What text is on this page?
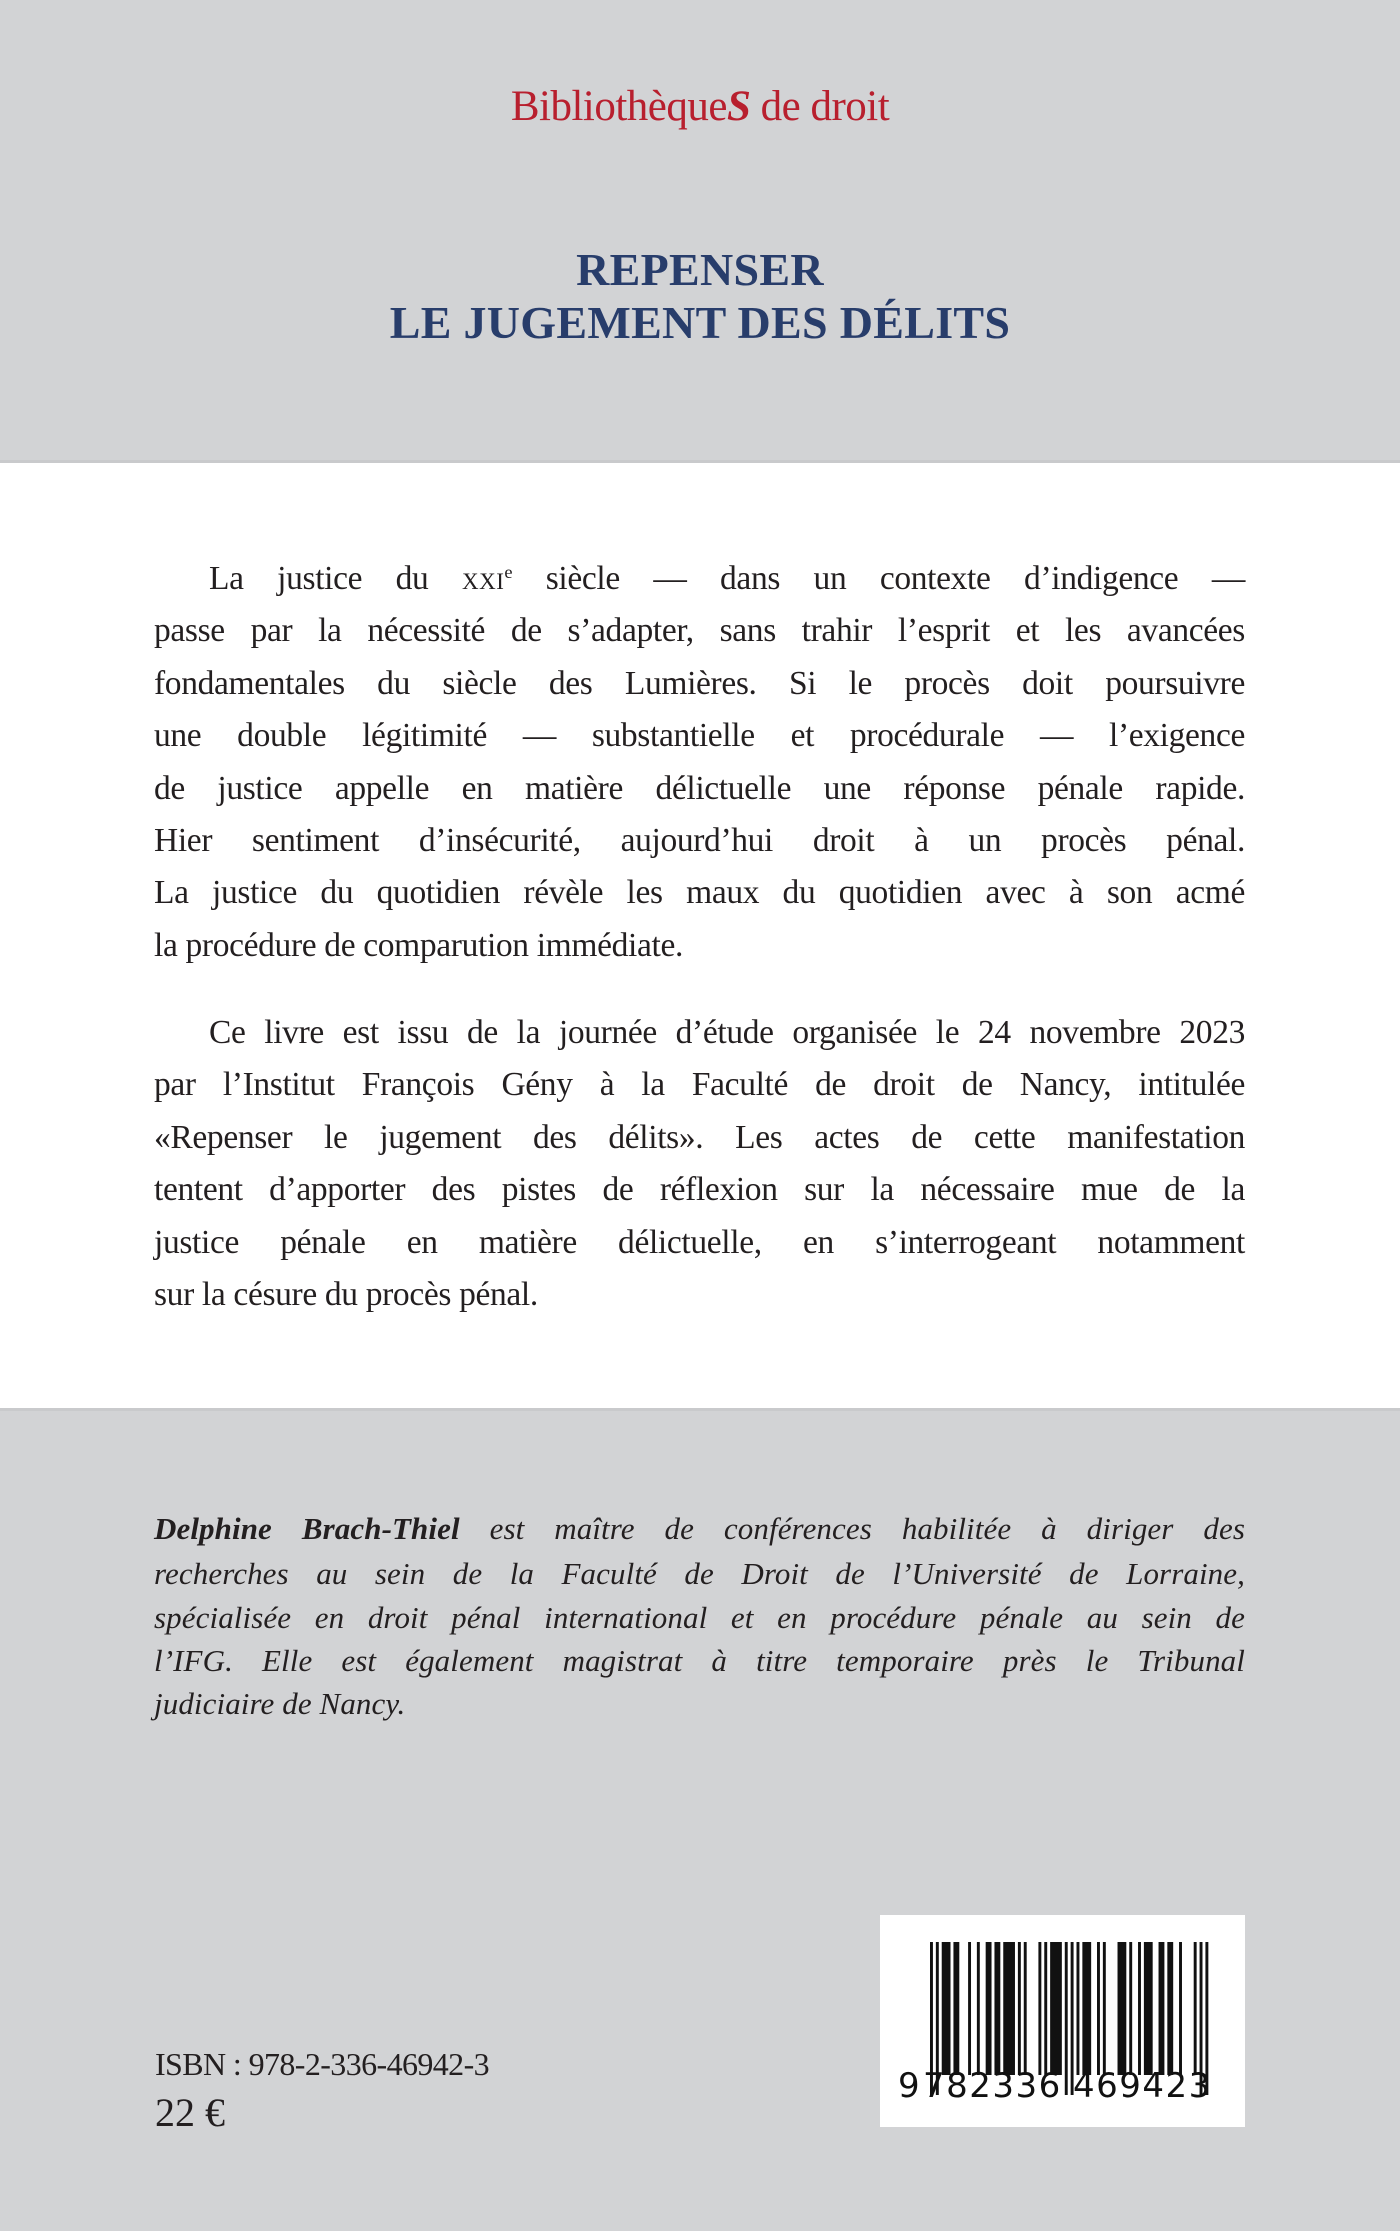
BibliothèqueS de droit
REPENSER
LE JUGEMENT DES DÉLITS
La justice du xxi$^e$ siècle — dans un contexte d’indigence —
passe par la nécessité de s’adapter, sans trahir l’esprit et les avancées
fondamentales du siècle des Lumières. Si le procès doit poursuivre
une double légitimité — substantielle et procédurale — l’exigence
de justice appelle en matière délictuelle une réponse pénale rapide.
Hier sentiment d’insécurité, aujourd’hui droit à un procès pénal.
La justice du quotidien révèle les maux du quotidien avec à son acmé
la procédure de comparution immédiate.
Ce livre est issu de la journée d’étude organisée le 24 novembre 2023
par l’Institut François Gény à la Faculté de droit de Nancy, intitulée
«Repenser le jugement des délits». Les actes de cette manifestation
tentent d’apporter des pistes de réflexion sur la nécessaire mue de la
justice pénale en matière délictuelle, en s’interrogeant notamment
sur la césure du procès pénal.
Delphine Brach-Thiel est maître de conférences habilitée à diriger des
recherches au sein de la Faculté de Droit de l’Université de Lorraine,
spécialisée en droit pénal international et en procédure pénale au sein de
l’IFG. Elle est également magistrat à titre temporaire près le Tribunal
judiciaire de Nancy.
ISBN : 978-2-336-46942-3
22 €
9 782336 469423
